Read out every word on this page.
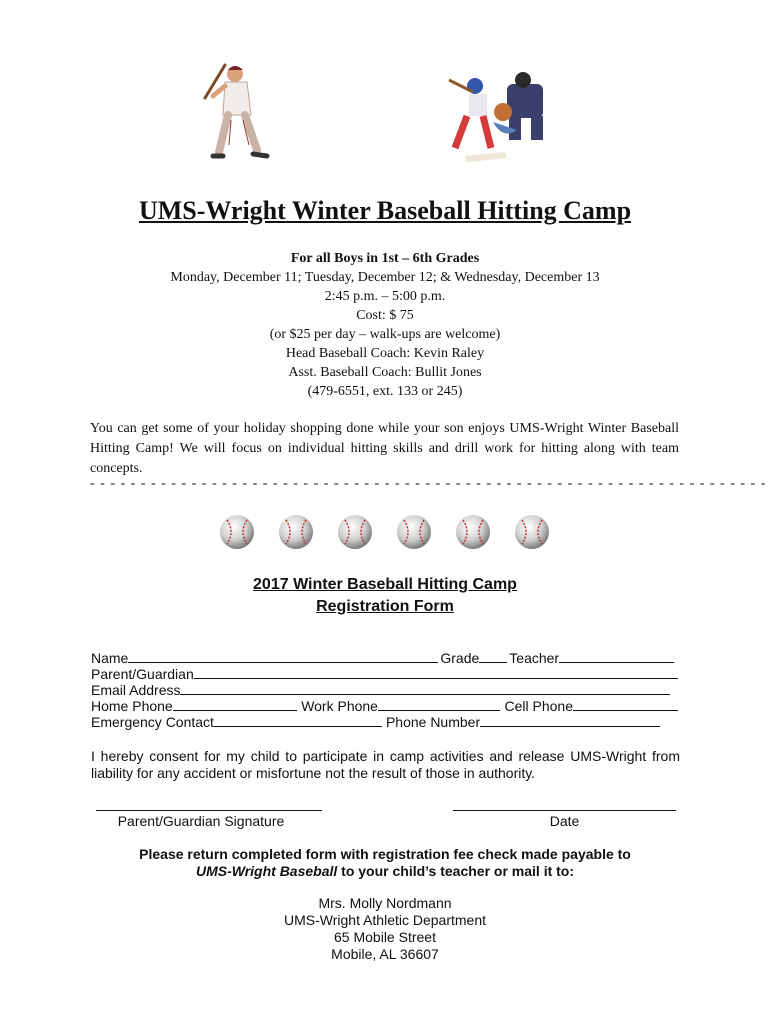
UMS-Wright Winter Baseball Hitting Camp
For all Boys in 1st – 6th Grades
Monday, December 11; Tuesday, December 12; & Wednesday, December 13
2:45 p.m. – 5:00 p.m.
Cost: $ 75
(or $25 per day – walk-ups are welcome)
Head Baseball Coach: Kevin Raley
Asst. Baseball Coach: Bullit Jones
(479-6551, ext. 133 or 245)
You can get some of your holiday shopping done while your son enjoys UMS-Wright Winter Baseball Hitting Camp! We will focus on individual hitting skills and drill work for hitting along with team concepts.
- - - - - - - - - - - - - - - - - - - - - - - - - - - - - - - - - - - - - - - - - - - - - - - - - - - - - - - - - - - - - - - - - - -
2017 Winter Baseball Hitting Camp
Registration Form
Name	Grade Teacher
Parent/Guardian
Email Address
Home Phone	Work Phone	Cell Phone
Emergency Contact	Phone Number
I hereby consent for my child to participate in camp activities and release UMS-Wright from liability for any accident or misfortune not the result of those in authority.
Parent/Guardian Signature	Date
Please return completed form with registration fee check made payable to
UMS-Wright Baseball to your child’s teacher or mail it to:
Mrs. Molly Nordmann
UMS-Wright Athletic Department
65 Mobile Street
Mobile, AL 36607
